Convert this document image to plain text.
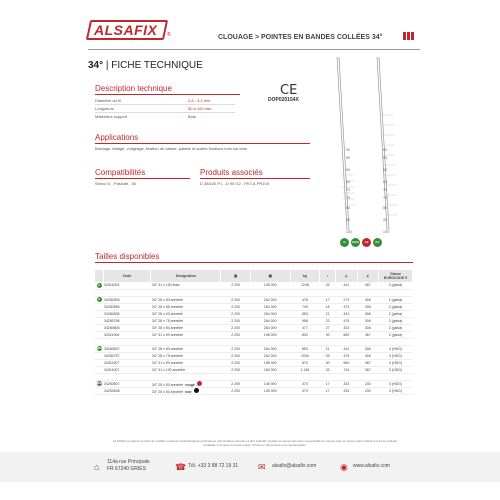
ALSAFIX ®	CLOUAGE > POINTES EN BANDES COLLÉES 34°
34° | FICHE TECHNIQUE
Description technique
Diamètre du fil	2,8 - 3,1 mm
Longueurs	50 à 100 mm
Matériaux support	Bois
CE
DOP020154X
Applications
Bardage, lattage, voligeage, fixation de caisse, palette et autres fixations bois sur bois
Compatibilités
Senco D - Paslode - 50
Produits associés
D 38/100 P1 - D 90 G2 - PKT-8-PR100
50
55
60
65
70
75
80
90
100
50
55
60
65
70
75
80
90
100
G	HDG	A2	FC
Tailles disponibles
	Code	Désignation	▣	▦	kg	↕	∠	∠	Classe EUROCODE 5
G	34311003	34° 31 x 100 lisse	2 200	145 000	1248	33	441	367	3 (galva)

G	34280506	34° 28 x 50 annelée	2 200	264 000	476	17	273	306	2 (galva)
	34280556	34° 28 x 55 annelée	2 200	264 000	749	18	373	306	2 (galva)
	34280636	34° 28 x 63 annelée	2 200	264 000	853	21	441	306	2 (galva)
	34280756	34° 28 x 75 annelée	2 200	264 000	998	23	475	306	2 (galva)
	34280806	34° 28 x 80 annelée	2 200	264 000	477	27	323	306	2 (galva)
	34311906	34° 31 x 90 annelée	2 200	198 000	832	30	560	367	2 (galva)

HDG	34280637	34° 28 x 63 annelée	2 200	264 000	853	21	441	306	3 (HDG)
	34280757	34° 28 x 75 annelée	2 200	264 000	1039	25	475	306	3 (HDG)
	34311907	34° 31 x 90 annelée	2 200	198 000	870	30	560	367	3 (HDG)
	34311007	34° 31 x 100 annelée	2 200	180 000	1 136	33	744	367	3 (HDG)

HDG	34250507	34° 25 x 50 annelée rouge	2 200	145 000	373	17	333	230	3 (HDG)
	34250508	34° 25 x 50 annelée noir	2 200	145 000	373	17	333	230	3 (HDG)
ALSAFIX se réserve le droit de modifier certaines caractéristiques techniques. Informations données à titre indicatif. Veuillez en aucun être tenu responsable en cas de mise en œuvre sans critical et à leurs produits préalable à l'emploi ou à leur usage. Photos et documents non contractuelles.
⌂	114a rue Principale
FR 67240 GRIES	☎ Tél. +33 3 88 72 19 31 ✉	alsafix@alsafix.com	◉	www.alsafix.com
